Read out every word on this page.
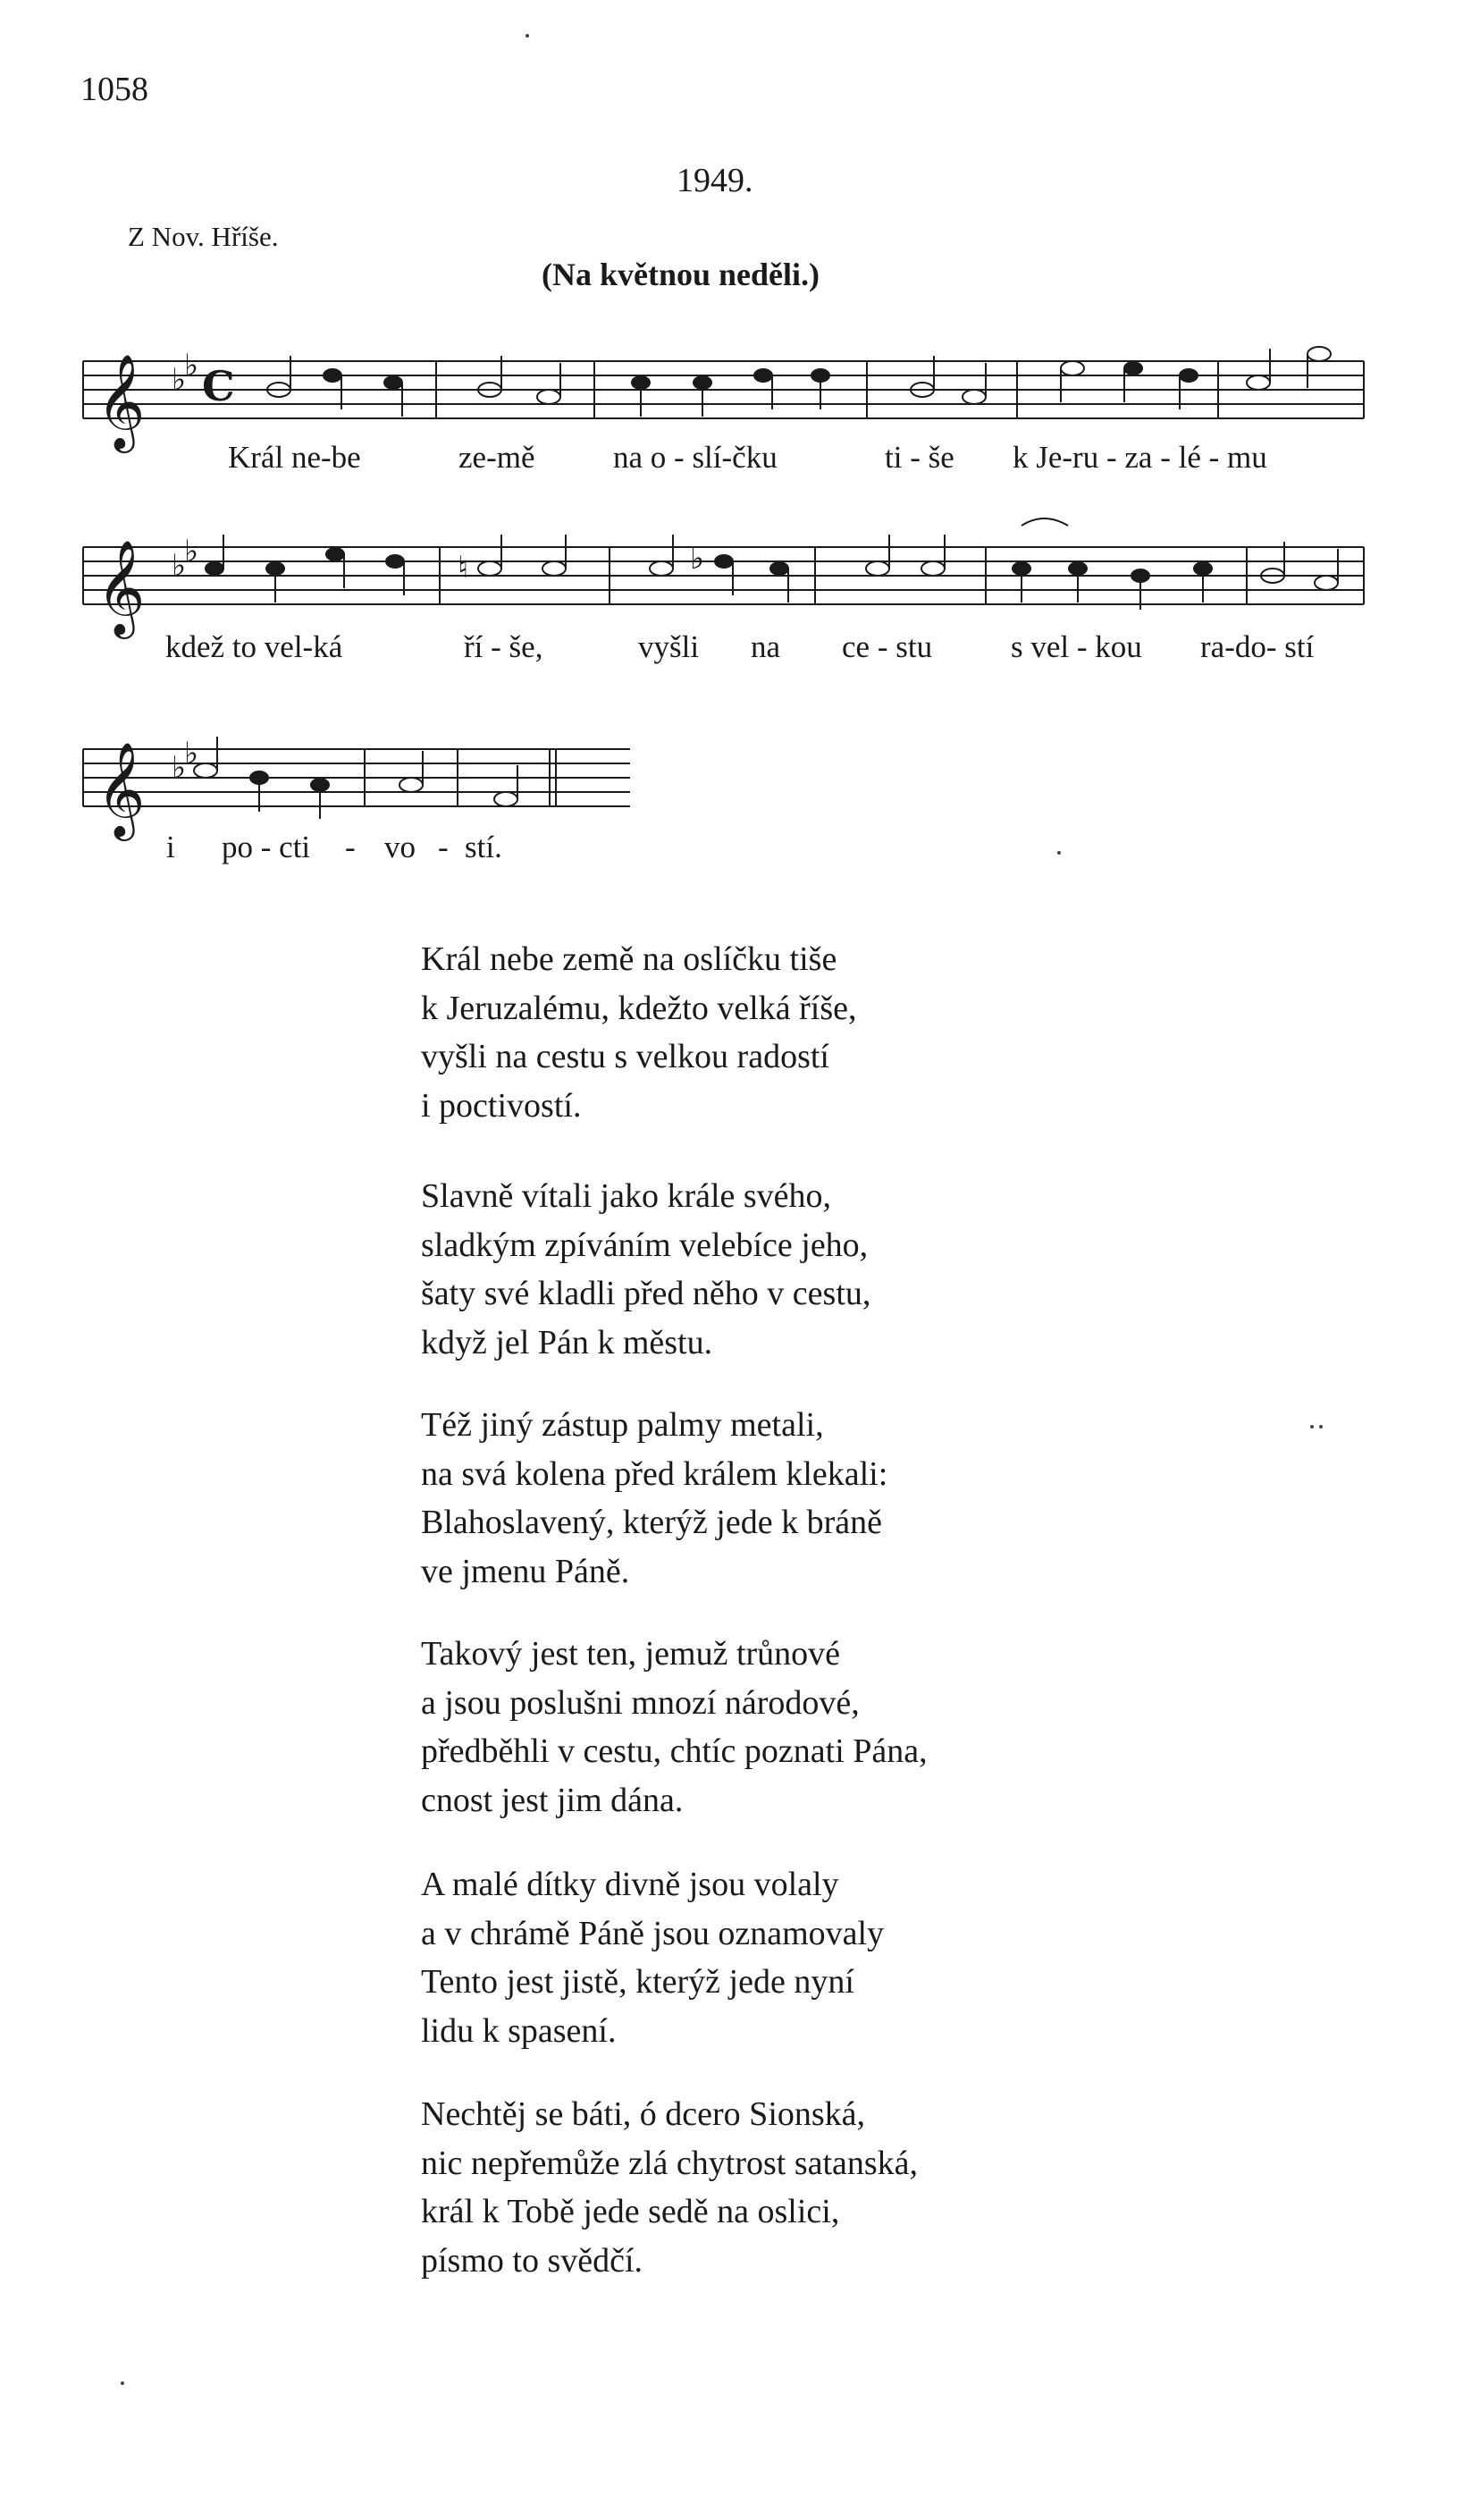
1058
1949.
Z Nov. Hříše.
(Na květnou neděli.)
𝄞 ♭
♭ C
𝄞 ♭
♭
𝄞 ♭
♭
♮	♭
Král ne-be	ze-mě	na o - slí-čku	ti - še k Je-ru - za - lé - mu
kdež to vel-ká	ří - še,	vyšli na ce - stu	s vel - kou ra-do- stí
i po - cti - vo - stí.
Král nebe země na oslíčku tiše
k Jeruzalému, kdežto velká říše,
vyšli na cestu s velkou radostí
i poctivostí.
Slavně vítali jako krále svého,
sladkým zpíváním velebíce jeho,
šaty své kladli před něho v cestu,
když jel Pán k městu.
Též jiný zástup palmy metali,
na svá kolena před králem klekali:
Blahoslavený, kterýž jede k bráně
ve jmenu Páně.
Takový jest ten, jemuž trůnové
a jsou poslušni mnozí národové,
předběhli v cestu, chtíc poznati Pána,
cnost jest jim dána.
A malé dítky divně jsou volaly
a v chrámě Páně jsou oznamovaly
Tento jest jistě, kterýž jede nyní
lidu k spasení.
Nechtěj se báti, ó dcero Sionská,
nic nepřemůže zlá chytrost satanská,
král k Tobě jede sedě na oslici,
písmo to svědčí.
